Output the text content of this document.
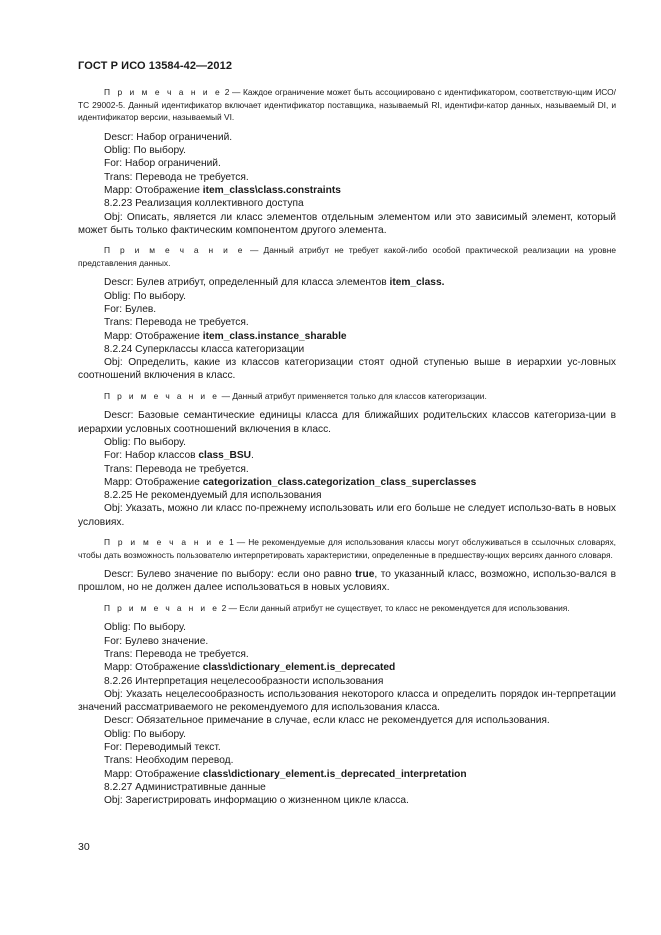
ГОСТ Р ИСО 13584-42—2012

П р и м е ч а н и е 2 — Каждое ограничение может быть ассоциировано с идентификатором, соответствую-щим ИСО/ТС 29002-5. Данный идентификатор включает идентификатор поставщика, называемый RI, идентифи-катор данных, называемый DI, и идентификатор версии, называемый VI.

Descr: Набор ограничений.

Oblig: По выбору.

For: Набор ограничений.

Trans: Перевода не требуется.

Mapp: Отображение item_class\class.constraints

8.2.23 Реализация коллективного доступа

Obj: Описать, является ли класс элементов отдельным элементом или это зависимый элемент, который может быть только фактическим компонентом другого элемента.

П р и м е ч а н и е — Данный атрибут не требует какой-либо особой практической реализации на уровне представления данных.

Descr: Булев атрибут, определенный для класса элементов item_class.

Oblig: По выбору.

For: Булев.

Trans: Перевода не требуется.

Mapp: Отображение item_class.instance_sharable

8.2.24 Суперклассы класса категоризации

Obj: Определить, какие из классов категоризации стоят одной ступенью выше в иерархии ус-ловных соотношений включения в класс.

П р и м е ч а н и е — Данный атрибут применяется только для классов категоризации.

Descr: Базовые семантические единицы класса для ближайших родительских классов категориза-ции в иерархии условных соотношений включения в класс.

Oblig: По выбору.

For: Набор классов class_BSU.

Trans: Перевода не требуется.

Mapp: Отображение categorization_class.categorization_class_superclasses

8.2.25 Не рекомендуемый для использования

Obj: Указать, можно ли класс по-прежнему использовать или его больше не следует использо-вать в новых условиях.

П р и м е ч а н и е 1 — Не рекомендуемые для использования классы могут обслуживаться в ссылочных словарях, чтобы дать возможность пользователю интерпретировать характеристики, определенные в предшеству-ющих версиях данного словаря.

Descr: Булево значение по выбору: если оно равно true, то указанный класс, возможно, использо-вался в прошлом, но не должен далее использоваться в новых условиях.

П р и м е ч а н и е 2 — Если данный атрибут не существует, то класс не рекомендуется для использования.

Oblig: По выбору.

For: Булево значение.

Trans: Перевода не требуется.

Mapp: Отображение class\dictionary_element.is_deprecated

8.2.26 Интерпретация нецелесообразности использования

Obj: Указать нецелесообразность использования некоторого класса и определить порядок ин-терпретации значений рассматриваемого не рекомендуемого для использования класса.

Descr: Обязательное примечание в случае, если класс не рекомендуется для использования.

Oblig: По выбору.

For: Переводимый текст.

Trans: Необходим перевод.

Mapp: Отображение class\dictionary_element.is_deprecated_interpretation

8.2.27 Административные данные

Obj: Зарегистрировать информацию о жизненном цикле класса.

30
